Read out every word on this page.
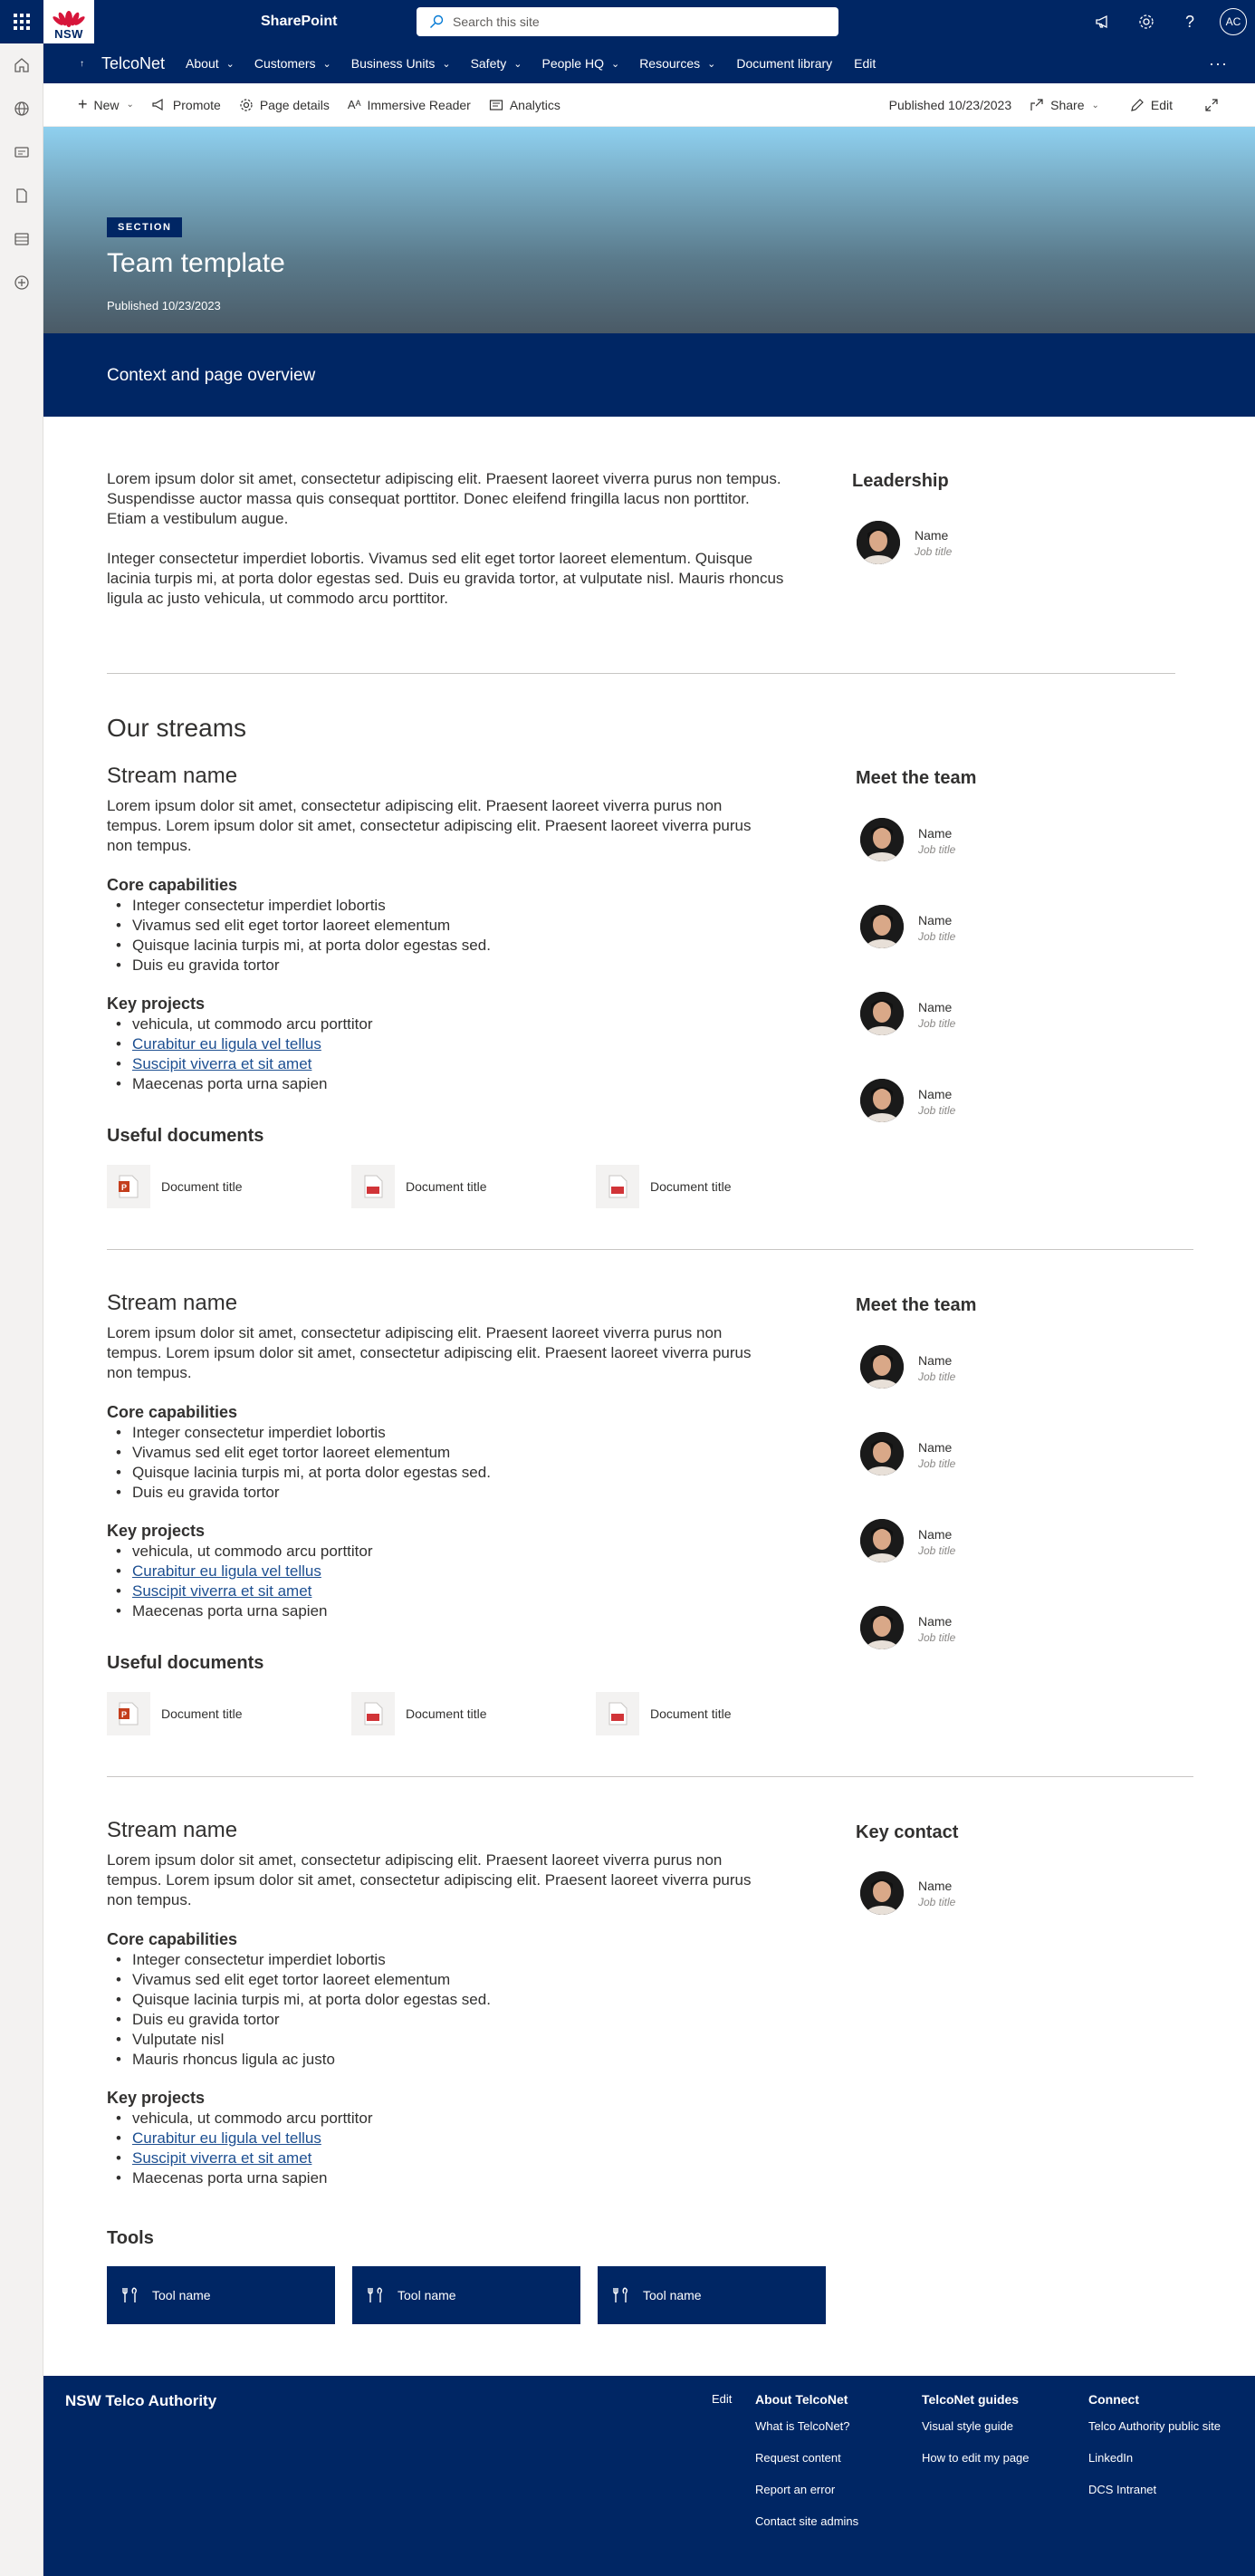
NSW
SharePoint	Search this site	?	AC
↑	TelcoNet About ⌄ Customers ⌄ Business Units ⌄ Safety ⌄ People HQ ⌄ Resources ⌄	Document library	Edit	···
+ New ⌄	Promote	Page details Aᴬ Immersive Reader	Analytics	Published 10/23/2023	Share ⌄	Edit
SECTION
Team template
Published 10/23/2023
Context and page overview
Lorem ipsum dolor sit amet, consectetur adipiscing elit. Praesent laoreet viverra purus non tempus. Suspendisse auctor massa quis consequat porttitor. Donec eleifend fringilla lacus non porttitor. Etiam a vestibulum augue.
Integer consectetur imperdiet lobortis. Vivamus sed elit eget tortor laoreet elementum. Quisque lacinia turpis mi, at porta dolor egestas sed. Duis eu gravida tortor, at vulputate nisl. Mauris rhoncus ligula ac justo vehicula, ut commodo arcu porttitor.
Leadership
Name
Job title
Our streams
Stream name
Lorem ipsum dolor sit amet, consectetur adipiscing elit. Praesent laoreet viverra purus non tempus. Lorem ipsum dolor sit amet, consectetur adipiscing elit. Praesent laoreet viverra purus non tempus.
Core capabilities
• Integer consectetur imperdiet lobortis
• Vivamus sed elit eget tortor laoreet elementum
• Quisque lacinia turpis mi, at porta dolor egestas sed.
• Duis eu gravida tortor
Key projects
• vehicula, ut commodo arcu porttitor
• Curabitur eu ligula vel tellus
• Suscipit viverra et sit amet
• Maecenas porta urna sapien
Useful documents
P	Document title	Document title	Document title
Meet the team
Name
Job title
Name
Job title
Name
Job title
Name
Job title
Stream name
Lorem ipsum dolor sit amet, consectetur adipiscing elit. Praesent laoreet viverra purus non tempus. Lorem ipsum dolor sit amet, consectetur adipiscing elit. Praesent laoreet viverra purus non tempus.
Core capabilities
• Integer consectetur imperdiet lobortis
• Vivamus sed elit eget tortor laoreet elementum
• Quisque lacinia turpis mi, at porta dolor egestas sed.
• Duis eu gravida tortor
Key projects
• vehicula, ut commodo arcu porttitor
• Curabitur eu ligula vel tellus
• Suscipit viverra et sit amet
• Maecenas porta urna sapien
Useful documents
P	Document title	Document title	Document title
Meet the team
Name
Job title
Name
Job title
Name
Job title
Name
Job title
Stream name
Lorem ipsum dolor sit amet, consectetur adipiscing elit. Praesent laoreet viverra purus non tempus. Lorem ipsum dolor sit amet, consectetur adipiscing elit. Praesent laoreet viverra purus non tempus.
Core capabilities
• Integer consectetur imperdiet lobortis
• Vivamus sed elit eget tortor laoreet elementum
• Quisque lacinia turpis mi, at porta dolor egestas sed.
• Duis eu gravida tortor
• Vulputate nisl
• Mauris rhoncus ligula ac justo
Key projects
• vehicula, ut commodo arcu porttitor
• Curabitur eu ligula vel tellus
• Suscipit viverra et sit amet
• Maecenas porta urna sapien
Tools
Tool name	Tool name	Tool name
Key contact
Name
Job title
NSW Telco Authority	Edit About TelcoNet
What is TelcoNet?
Request content
Report an error
Contact site admins
TelcoNet guides
Visual style guide
How to edit my page
Connect
Telco Authority public site
LinkedIn
DCS Intranet
